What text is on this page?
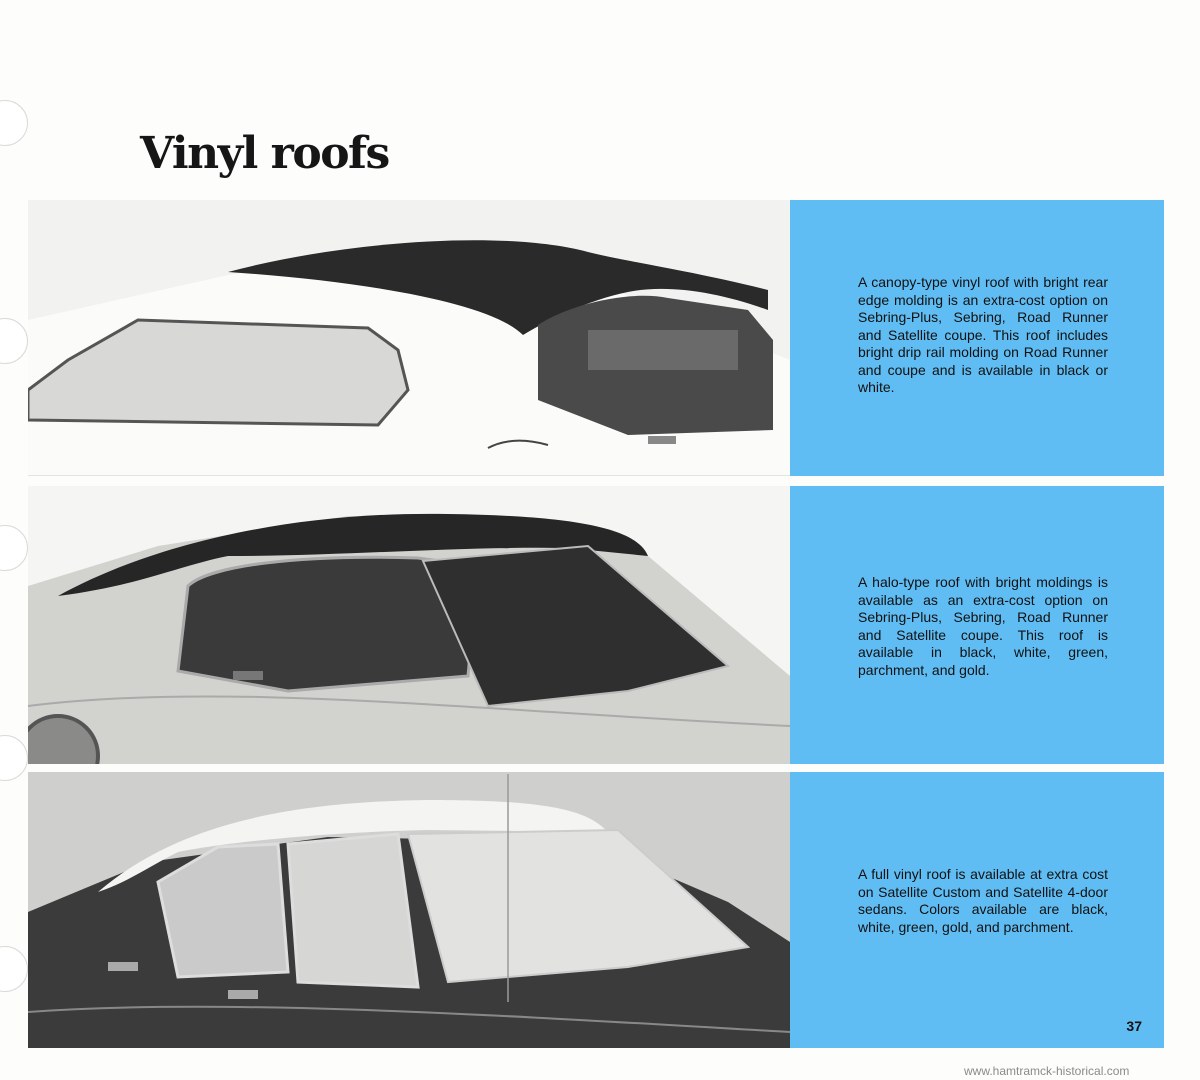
Vinyl roofs

A canopy-type vinyl roof with bright rear edge molding is an extra-cost option on Sebring-Plus, Sebring, Road Runner and Satellite coupe. This roof includes bright drip rail molding on Road Runner and coupe and is available in black or white.

A halo-type roof with bright moldings is available as an extra-cost option on Sebring-Plus, Sebring, Road Runner and Satellite coupe. This roof is available in black, white, green, parchment, and gold.

A full vinyl roof is available at extra cost on Satellite Custom and Satellite 4-door sedans. Colors available are black, white, green, gold, and parchment.

37

www.hamtramck-historical.com
